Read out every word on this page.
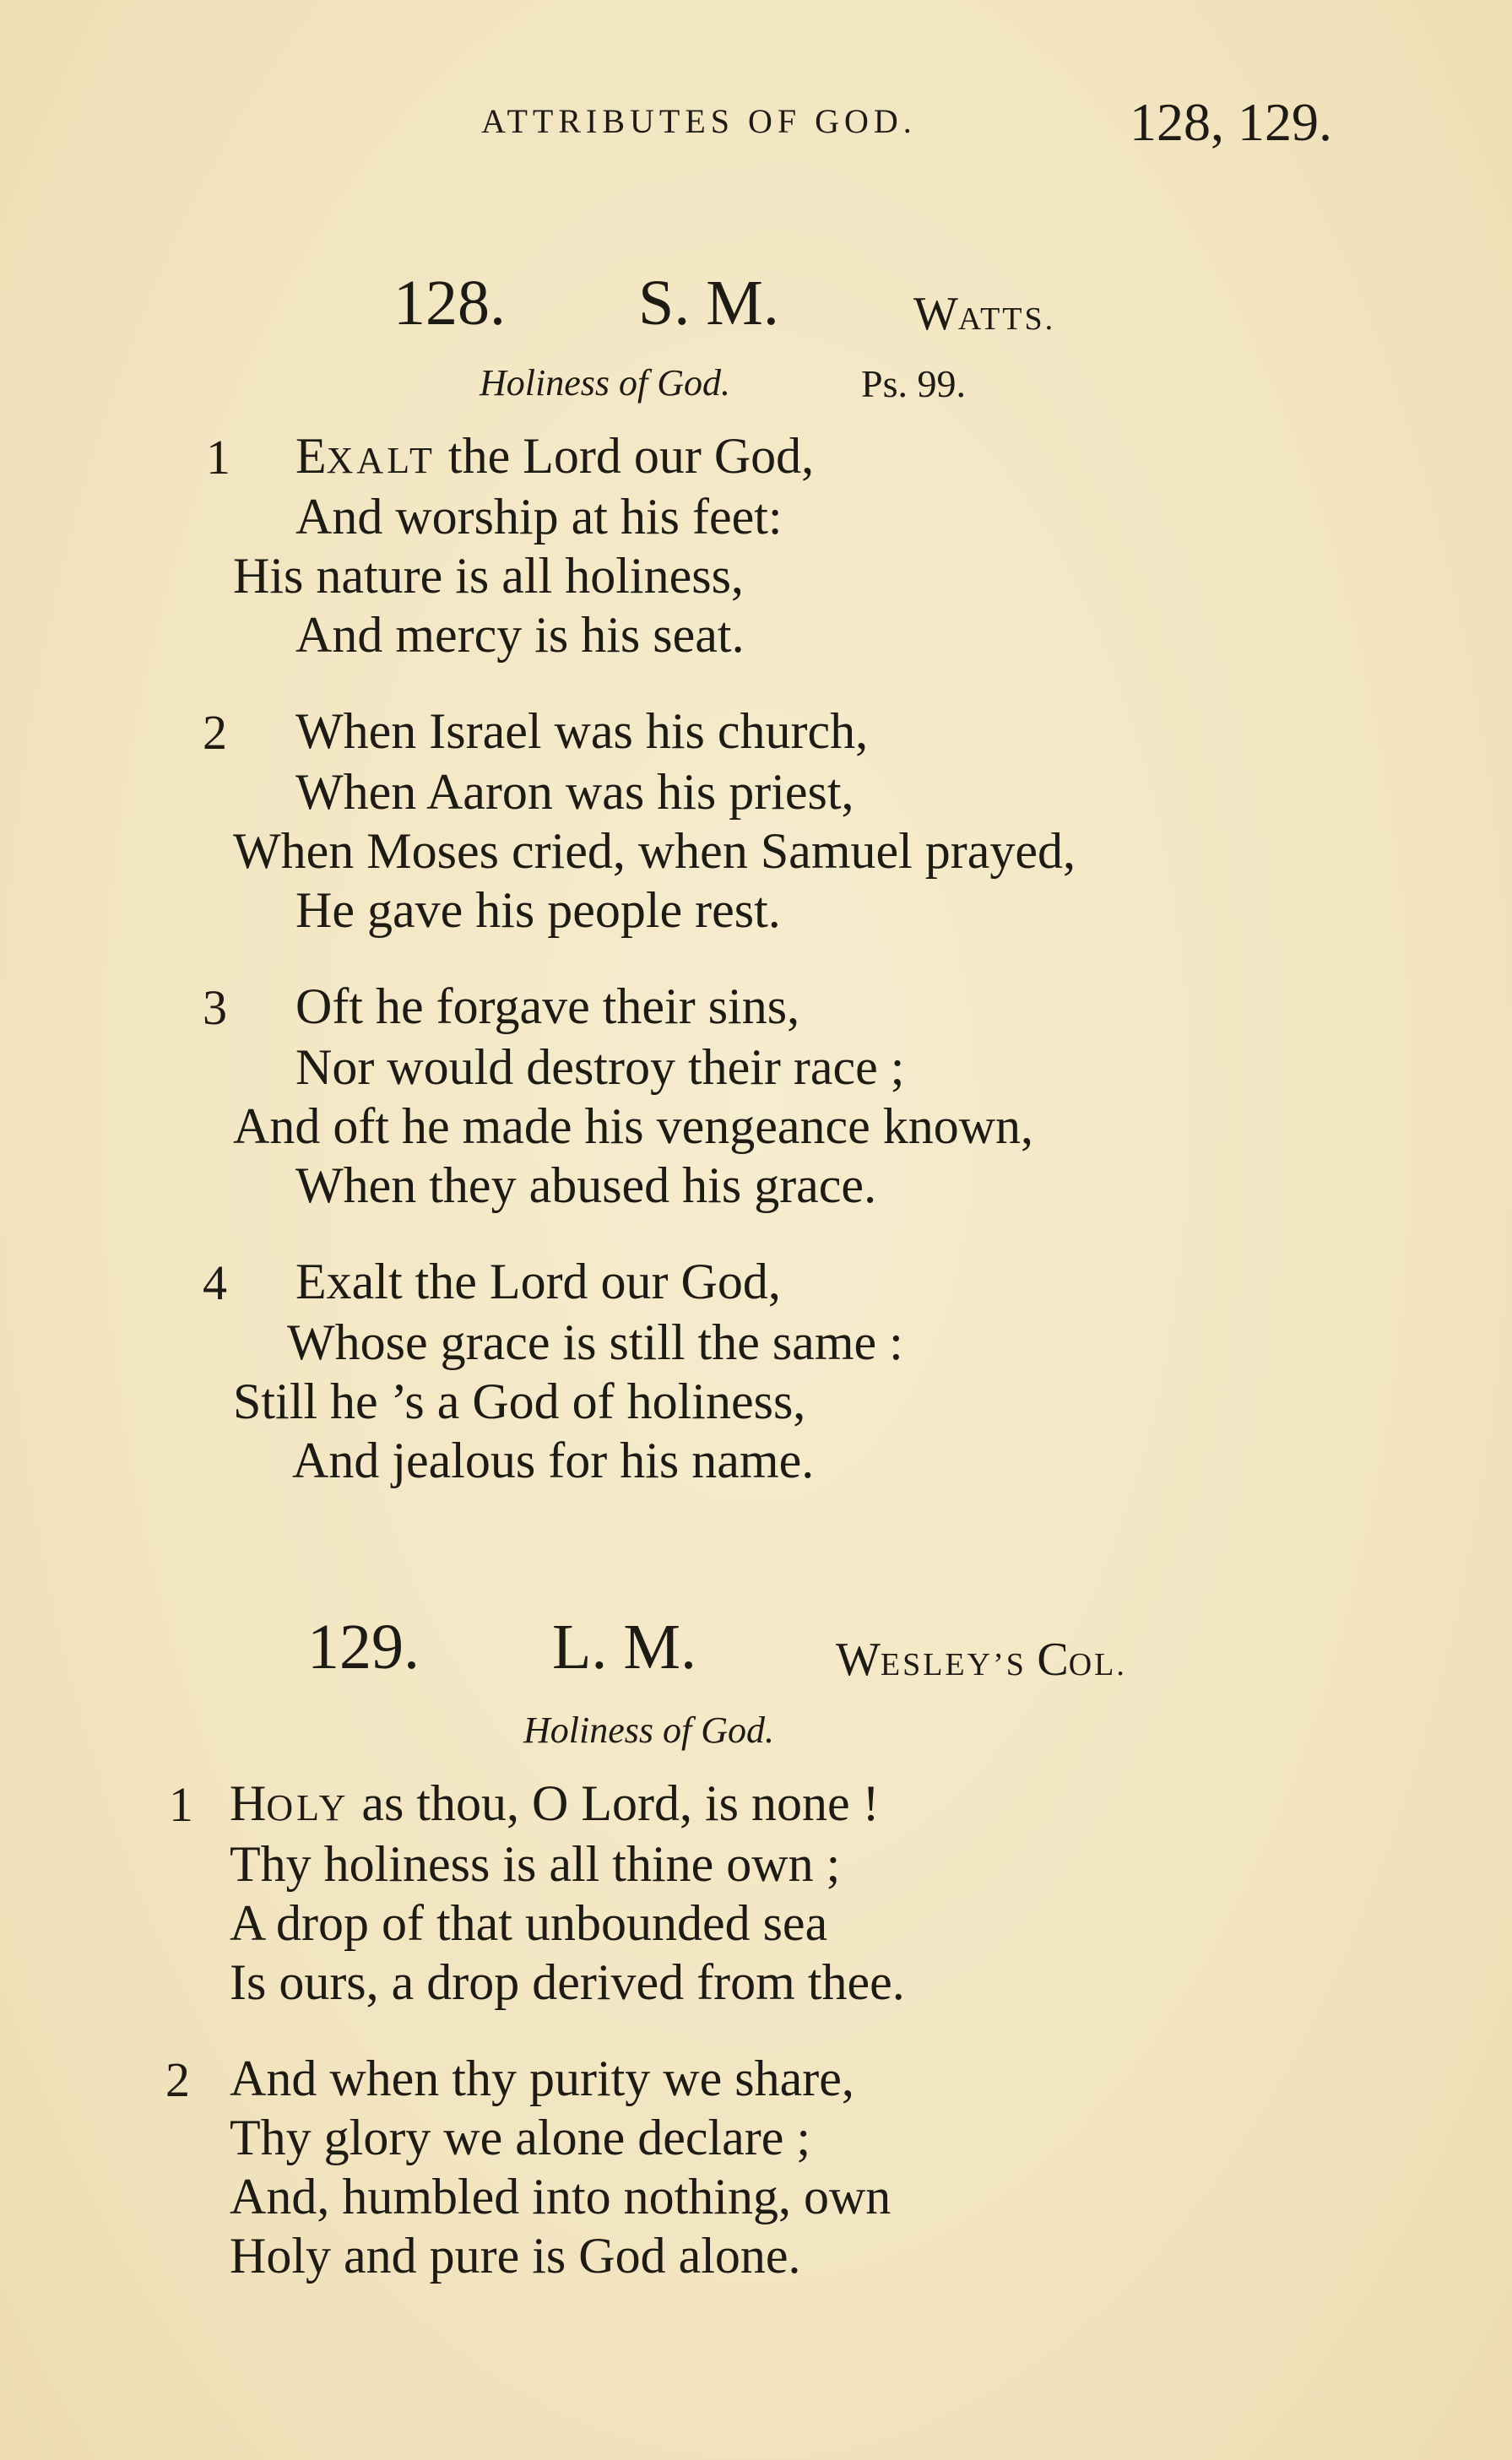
ATTRIBUTES OF GOD.	128, 129.
128. S. M.	WATTS.
Holiness of God.	Ps. 99.
1 EXALT the Lord our God,
And worship at his feet:
His nature is all holiness,
And mercy is his seat.
2 When Israel was his church,
When Aaron was his priest,
When Moses cried, when Samuel prayed,
He gave his people rest.
3 Oft he forgave their sins,
Nor would destroy their race ;
And oft he made his vengeance known,
When they abused his grace.
4 Exalt the Lord our God,
Whose grace is still the same :
Still he ’s a God of holiness,
And jealous for his name.
129. L. M.	WESLEY’S COL.
Holiness of God.
1 HOLY as thou, O Lord, is none !
Thy holiness is all thine own ;
A drop of that unbounded sea
Is ours, a drop derived from thee.
2 And when thy purity we share,
Thy glory we alone declare ;
And, humbled into nothing, own
Holy and pure is God alone.
